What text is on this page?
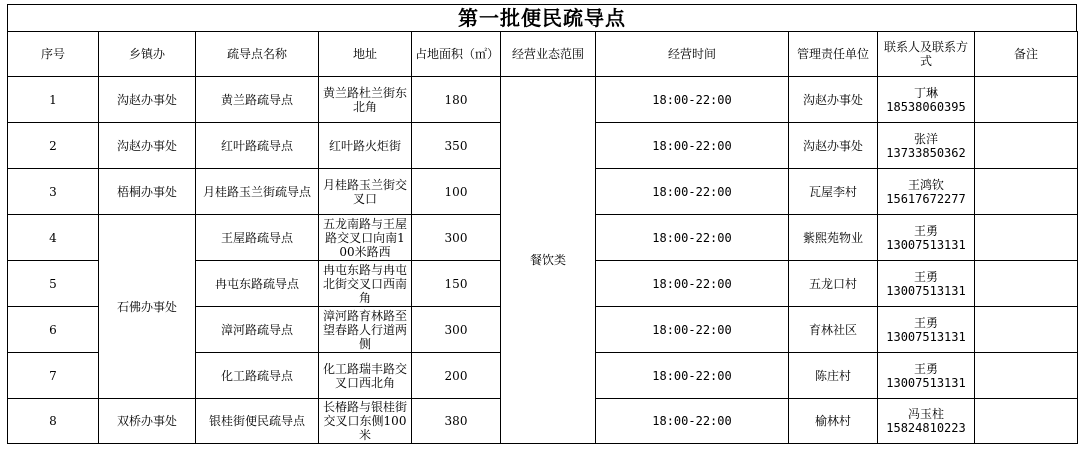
第一批便民疏导点
序号	乡镇办	疏导点名称	地址	占地面积（㎡）	经营业态范围	经营时间	管理责任单位	联系人及联系方式	备注
1	沟赵办事处	黄兰路疏导点	黄兰路杜兰街东北角	180	餐饮类	18:00-22:00	沟赵办事处	丁琳
18538060395	

2	沟赵办事处	红叶路疏导点	红叶路火炬街	350		18:00-22:00	沟赵办事处	张洋
13733850362	

3	梧桐办事处	月桂路玉兰街疏导点	月桂路玉兰街交叉口	100		18:00-22:00	瓦屋李村	王鸿钦
15617672277	

4	石佛办事处	王屋路疏导点	五龙南路与王屋路交叉口向南100米路西	300		18:00-22:00	紫熙苑物业	王勇
13007513131	

5		冉屯东路疏导点	冉屯东路与冉屯北街交叉口西南角	150		18:00-22:00	五龙口村	王勇
13007513131	

6		漳河路疏导点	漳河路育林路至望春路人行道两侧	300		18:00-22:00	育林社区	王勇
13007513131	

7		化工路疏导点	化工路瑞丰路交叉口西北角	200		18:00-22:00	陈庄村	王勇
13007513131	

8	双桥办事处	银桂街便民疏导点	长椿路与银桂街交叉口东侧100米	380		18:00-22:00	榆林村	冯玉柱
15824810223	
